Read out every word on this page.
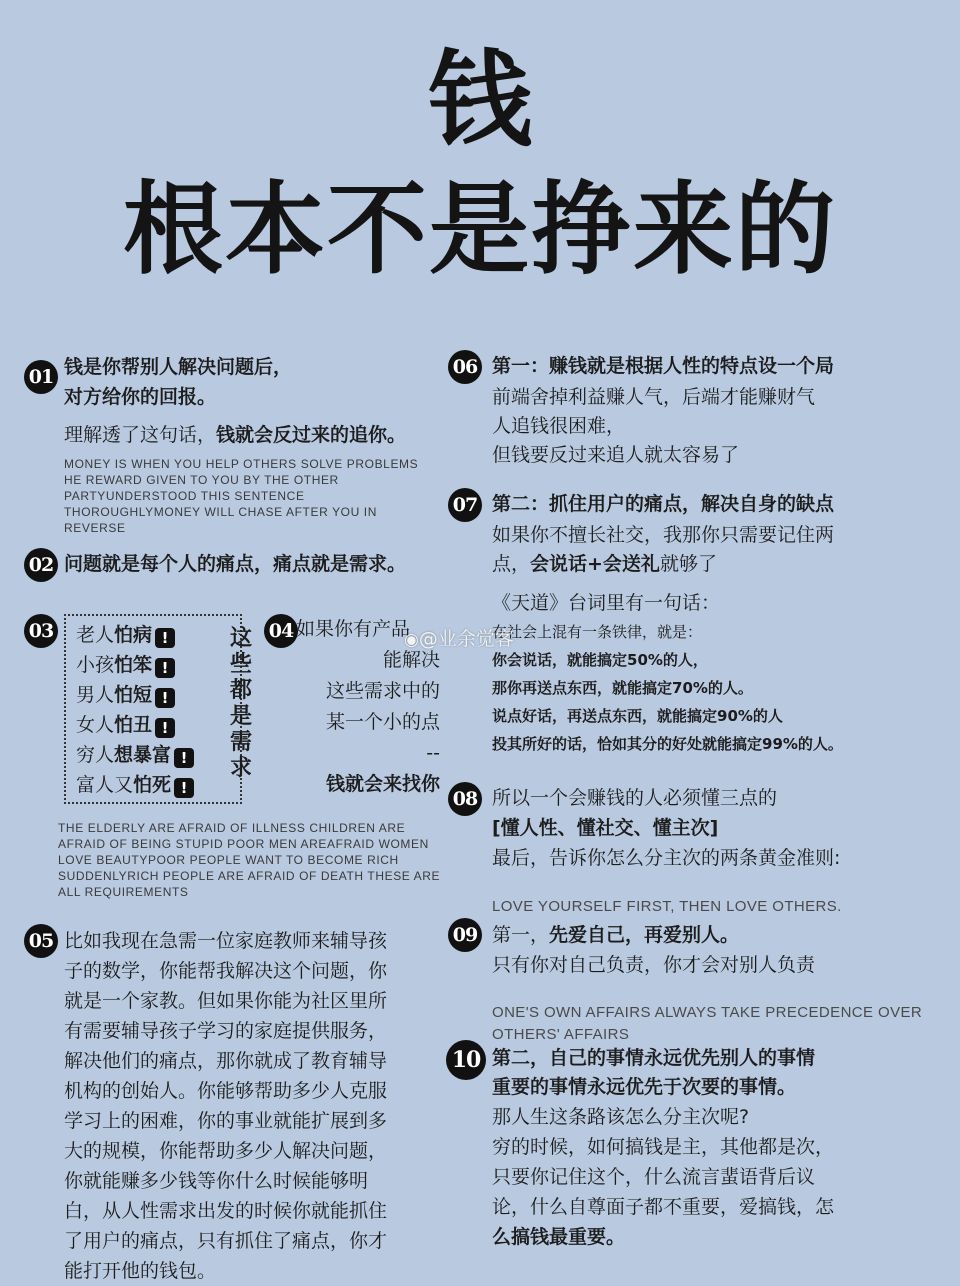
钱
根本不是挣来的
01 钱是你帮别人解决问题后，
对方给你的回报。
理解透了这句话，钱就会反过来的追你。
MONEY IS WHEN YOU HELP OTHERS SOLVE PROBLEMS HE REWARD GIVEN TO YOU BY THE OTHER PARTYUNDERSTOOD THIS SENTENCE THOROUGHLYMONEY WILL CHASE AFTER YOU IN REVERSE
02 问题就是每个人的痛点，痛点就是需求。
03 老人怕病 !
小孩怕笨 !
男人怕短 !
女人怕丑 !
穷人想暴富 !
富人又怕死 !
这些都是需求
THE ELDERLY ARE AFRAID OF ILLNESS CHILDREN ARE AFRAID OF BEING STUPID POOR MEN AREAFRAID WOMEN LOVE BEAUTYPOOR PEOPLE WANT TO BECOME RICH SUDDENLYRICH PEOPLE ARE AFRAID OF DEATH THESE ARE ALL REQUIREMENTS
04 如果你有产品
能解决
这些需求中的
某一个小的点
--
钱就会来找你
05 比如我现在急需一位家庭教师来辅导孩
子的数学，你能帮我解决这个问题，你
就是一个家教。但如果你能为社区里所
有需要辅导孩子学习的家庭提供服务，
解决他们的痛点，那你就成了教育辅导
机构的创始人。你能够帮助多少人克服
学习上的困难，你的事业就能扩展到多
大的规模，你能帮助多少人解决问题，
你就能赚多少钱等你什么时候能够明
白，从人性需求出发的时候你就能抓住
了用户的痛点，只有抓住了痛点，你才
能打开他的钱包。
06 第一：赚钱就是根据人性的特点设一个局
前端舍掉利益赚人气，后端才能赚财气
人追钱很困难，
但钱要反过来追人就太容易了
07 第二：抓住用户的痛点，解决自身的缺点
如果你不擅长社交，我那你只需要记住两
点，会说话+会送礼就够了
《天道》台词里有一句话：
在社会上混有一条铁律，就是：
你会说话，就能搞定50%的人，
那你再送点东西，就能搞定70%的人。
说点好话，再送点东西，就能搞定90%的人
投其所好的话，恰如其分的好处就能搞定99%的人。
◉@业余觉客
08 所以一个会赚钱的人必须懂三点的
[懂人性、懂社交、懂主次]
最后，告诉你怎么分主次的两条黄金准则:
LOVE YOURSELF FIRST, THEN LOVE OTHERS.
09 第一，先爱自己，再爱别人。
只有你对自己负责，你才会对别人负责
ONE'S OWN AFFAIRS ALWAYS TAKE PRECEDENCE OVER
OTHERS' AFFAIRS
10 第二，自己的事情永远优先别人的事情
重要的事情永远优先于次要的事情。
那人生这条路该怎么分主次呢?
穷的时候，如何搞钱是主，其他都是次，
只要你记住这个，什么流言蜚语背后议
论，什么自尊面子都不重要，爱搞钱，怎
么搞钱最重要。
